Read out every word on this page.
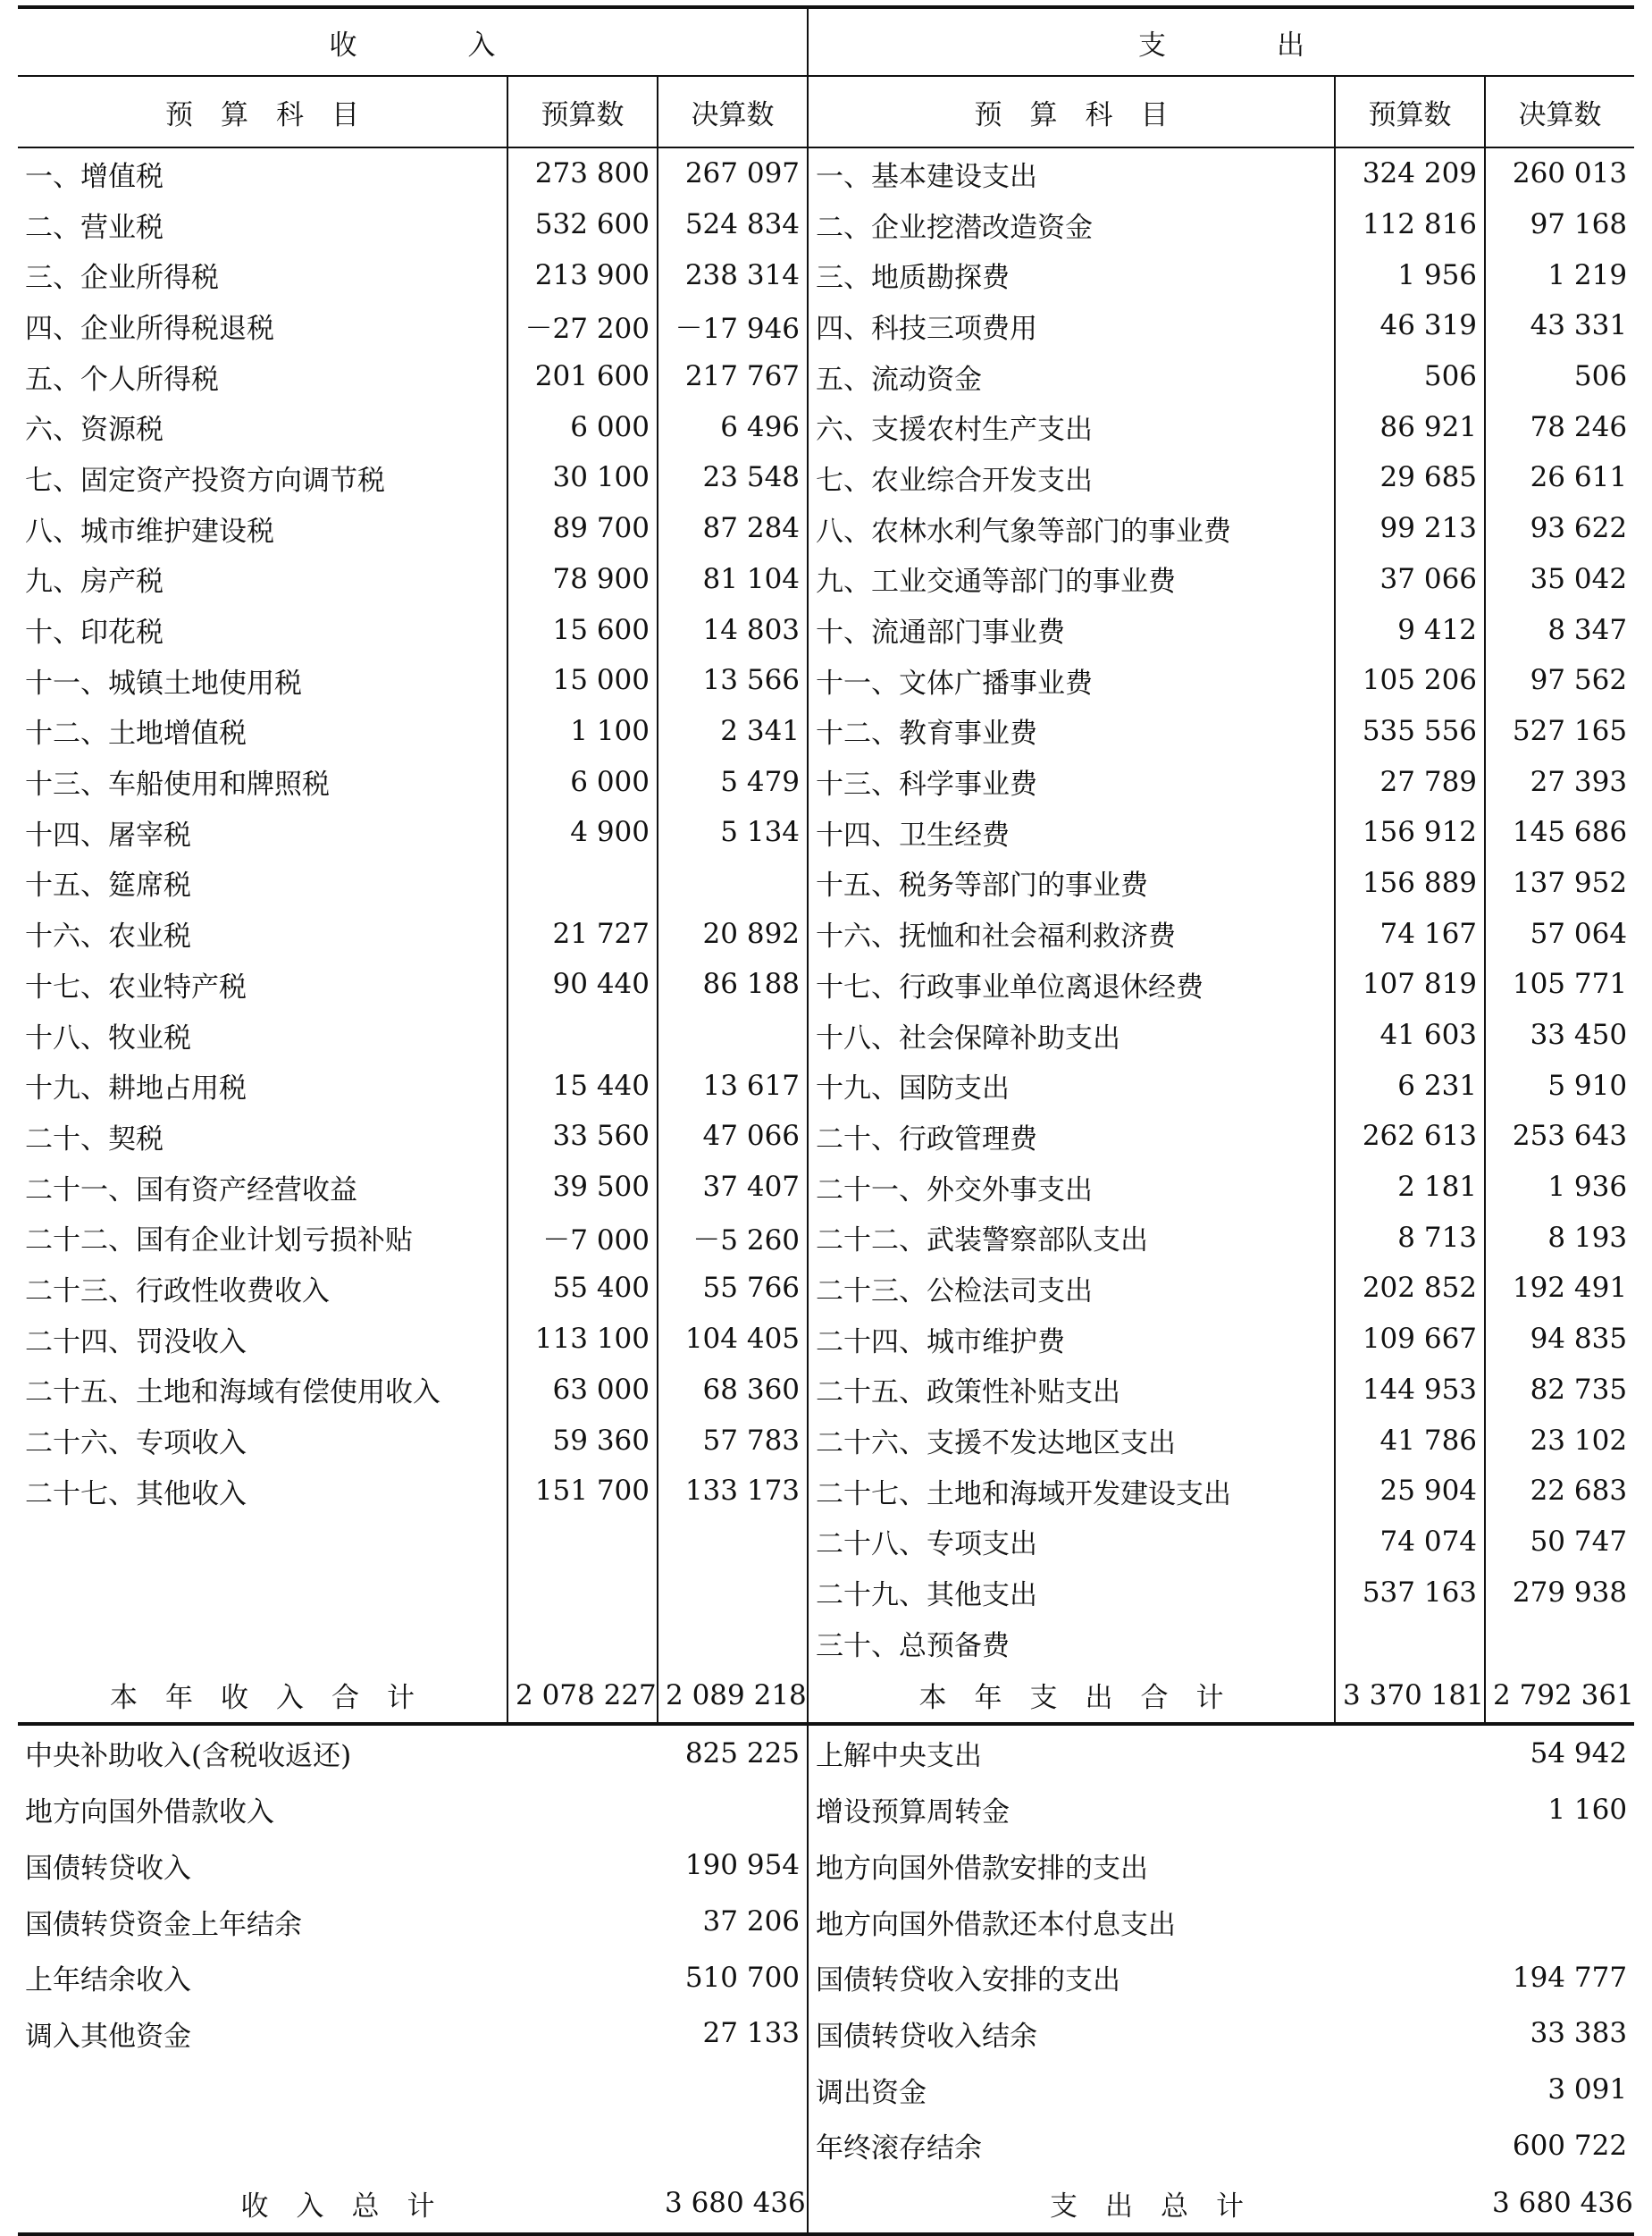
收　　　　入			支　　　　出		
预　算　科　目	预算数	决算数	预　算　科　目	预算数	决算数
一、增值税	273 800	267 097	一、基本建设支出	324 209	260 013
二、营业税	532 600	524 834	二、企业挖潜改造资金	112 816	97 168
三、企业所得税	213 900	238 314	三、地质勘探费	1 956	1 219
四、企业所得税退税	－27 200	－17 946	四、科技三项费用	46 319	43 331
五、个人所得税	201 600	217 767	五、流动资金	506	506
六、资源税	6 000	6 496	六、支援农村生产支出	86 921	78 246
七、固定资产投资方向调节税	30 100	23 548	七、农业综合开发支出	29 685	26 611
八、城市维护建设税	89 700	87 284	八、农林水利气象等部门的事业费	99 213	93 622
九、房产税	78 900	81 104	九、工业交通等部门的事业费	37 066	35 042
十、印花税	15 600	14 803	十、流通部门事业费	9 412	8 347
十一、城镇土地使用税	15 000	13 566	十一、文体广播事业费	105 206	97 562
十二、土地增值税	1 100	2 341	十二、教育事业费	535 556	527 165
十三、车船使用和牌照税	6 000	5 479	十三、科学事业费	27 789	27 393
十四、屠宰税	4 900	5 134	十四、卫生经费	156 912	145 686
十五、筵席税			十五、税务等部门的事业费	156 889	137 952
十六、农业税	21 727	20 892	十六、抚恤和社会福利救济费	74 167	57 064
十七、农业特产税	90 440	86 188	十七、行政事业单位离退休经费	107 819	105 771
十八、牧业税			十八、社会保障补助支出	41 603	33 450
十九、耕地占用税	15 440	13 617	十九、国防支出	6 231	5 910
二十、契税	33 560	47 066	二十、行政管理费	262 613	253 643
二十一、国有资产经营收益	39 500	37 407	二十一、外交外事支出	2 181	1 936
二十二、国有企业计划亏损补贴	－7 000	－5 260	二十二、武装警察部队支出	8 713	8 193
二十三、行政性收费收入	55 400	55 766	二十三、公检法司支出	202 852	192 491
二十四、罚没收入	113 100	104 405	二十四、城市维护费	109 667	94 835
二十五、土地和海域有偿使用收入	63 000	68 360	二十五、政策性补贴支出	144 953	82 735
二十六、专项收入	59 360	57 783	二十六、支援不发达地区支出	41 786	23 102
二十七、其他收入	151 700	133 173	二十七、土地和海域开发建设支出	25 904	22 683
			二十八、专项支出	74 074	50 747
			二十九、其他支出	537 163	279 938
			三十、总预备费		
本　年　收　入　合　计	2 078 227	2 089 218	本　年　支　出　合　计	3 370 181	2 792 361
中央补助收入(含税收返还)		825 225	上解中央支出		54 942
地方向国外借款收入			增设预算周转金		1 160
国债转贷收入		190 954	地方向国外借款安排的支出		
国债转贷资金上年结余		37 206	地方向国外借款还本付息支出		
上年结余收入		510 700	国债转贷收入安排的支出		194 777
调入其他资金		27 133	国债转贷收入结余		33 383
			调出资金		3 091
			年终滚存结余		600 722
收　入　总　计		3 680 436	支　出　总　计		3 680 436
